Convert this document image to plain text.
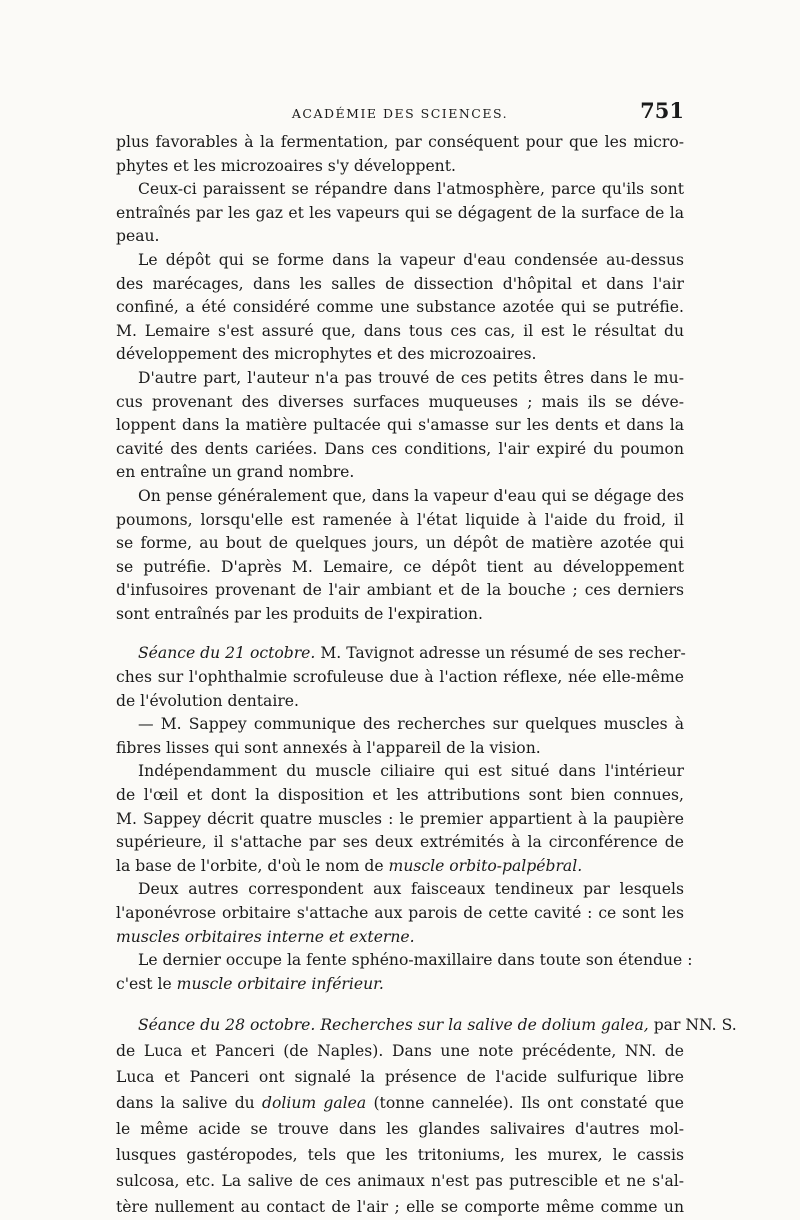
ACADÉMIE DES SCIENCES.	751
plus favorables à la fermentation, par conséquent pour que les micro-
phytes et les microzoaires s'y développent.
Ceux-ci paraissent se répandre dans l'atmosphère, parce qu'ils sont
entraînés par les gaz et les vapeurs qui se dégagent de la surface de la
peau.
Le dépôt qui se forme dans la vapeur d'eau condensée au-dessus
des marécages, dans les salles de dissection d'hôpital et dans l'air
confiné, a été considéré comme une substance azotée qui se putréfie.
M. Lemaire s'est assuré que, dans tous ces cas, il est le résultat du
développement des microphytes et des microzoaires.
D'autre part, l'auteur n'a pas trouvé de ces petits êtres dans le mu-
cus provenant des diverses surfaces muqueuses ; mais ils se déve-
loppent dans la matière pultacée qui s'amasse sur les dents et dans la
cavité des dents cariées. Dans ces conditions, l'air expiré du poumon
en entraîne un grand nombre.
On pense généralement que, dans la vapeur d'eau qui se dégage des
poumons, lorsqu'elle est ramenée à l'état liquide à l'aide du froid, il
se forme, au bout de quelques jours, un dépôt de matière azotée qui
se putréfie. D'après M. Lemaire, ce dépôt tient au développement
d'infusoires provenant de l'air ambiant et de la bouche ; ces derniers
sont entraînés par les produits de l'expiration.
Séance du 21 octobre. M. Tavignot adresse un résumé de ses recher-
ches sur l'ophthalmie scrofuleuse due à l'action réflexe, née elle-même
de l'évolution dentaire.
— M. Sappey communique des recherches sur quelques muscles à
fibres lisses qui sont annexés à l'appareil de la vision.
Indépendamment du muscle ciliaire qui est situé dans l'intérieur
de l'œil et dont la disposition et les attributions sont bien connues,
M. Sappey décrit quatre muscles : le premier appartient à la paupière
supérieure, il s'attache par ses deux extrémités à la circonférence de
la base de l'orbite, d'où le nom de muscle orbito-palpébral.
Deux autres correspondent aux faisceaux tendineux par lesquels
l'aponévrose orbitaire s'attache aux parois de cette cavité : ce sont les
muscles orbitaires interne et externe.
Le dernier occupe la fente sphéno-maxillaire dans toute son étendue :
c'est le muscle orbitaire inférieur.
Séance du 28 octobre. Recherches sur la salive de dolium galea, par NN. S.
de Luca et Panceri (de Naples). Dans une note précédente, NN. de
Luca et Panceri ont signalé la présence de l'acide sulfurique libre
dans la salive du dolium galea (tonne cannelée). Ils ont constaté que
le même acide se trouve dans les glandes salivaires d'autres mol-
lusques gastéropodes, tels que les tritoniums, les murex, le cassis
sulcosa, etc. La salive de ces animaux n'est pas putrescible et ne s'al-
tère nullement au contact de l'air ; elle se comporte même comme un
